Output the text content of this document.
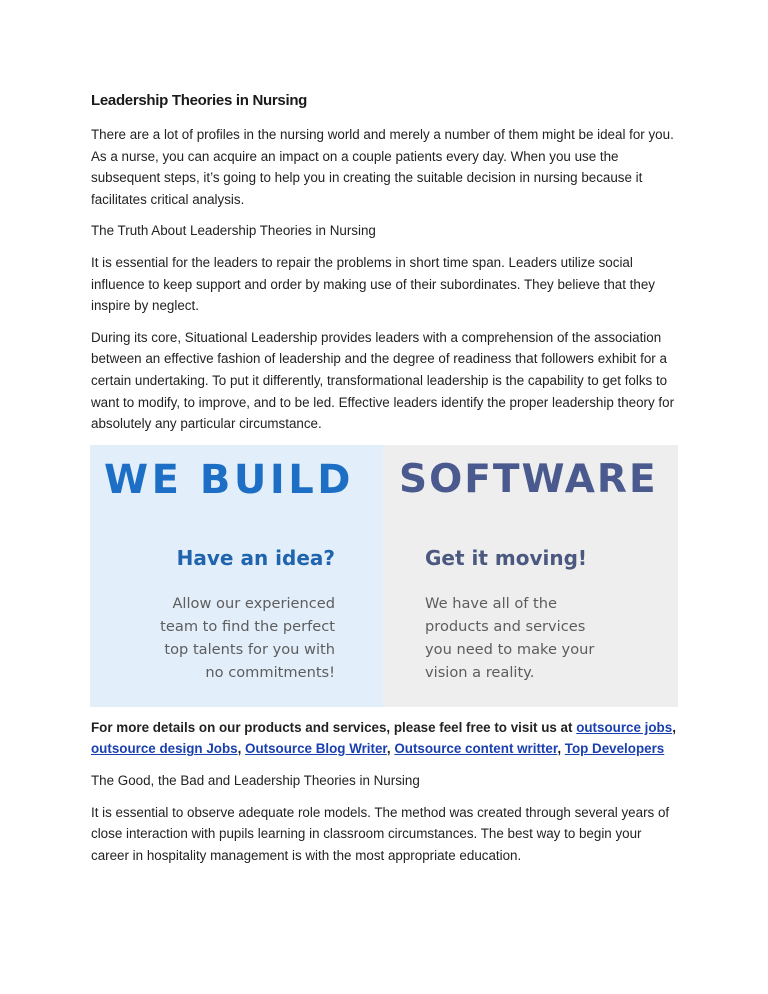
Leadership Theories in Nursing

There are a lot of profiles in the nursing world and merely a number of them might be ideal for you. As a nurse, you can acquire an impact on a couple patients every day. When you use the subsequent steps, it’s going to help you in creating the suitable decision in nursing because it facilitates critical analysis.

The Truth About Leadership Theories in Nursing

It is essential for the leaders to repair the problems in short time span. Leaders utilize social influence to keep support and order by making use of their subordinates. They believe that they inspire by neglect.

During its core, Situational Leadership provides leaders with a comprehension of the association between an effective fashion of leadership and the degree of readiness that followers exhibit for a certain undertaking. To put it differently, transformational leadership is the capability to get folks to want to modify, to improve, and to be led. Effective leaders identify the proper leadership theory for absolutely any particular circumstance.

WE BUILD
Have an idea?
Allow our experienced
team to find the perfect
top talents for you with
no commitments!
SOFTWARE
Get it moving!
We have all of the
products and services
you need to make your
vision a reality.

For more details on our products and services, please feel free to visit us at outsource jobs, outsource design Jobs, Outsource Blog Writer, Outsource content writter, Top Developers

The Good, the Bad and Leadership Theories in Nursing

It is essential to observe adequate role models. The method was created through several years of close interaction with pupils learning in classroom circumstances. The best way to begin your career in hospitality management is with the most appropriate education.
